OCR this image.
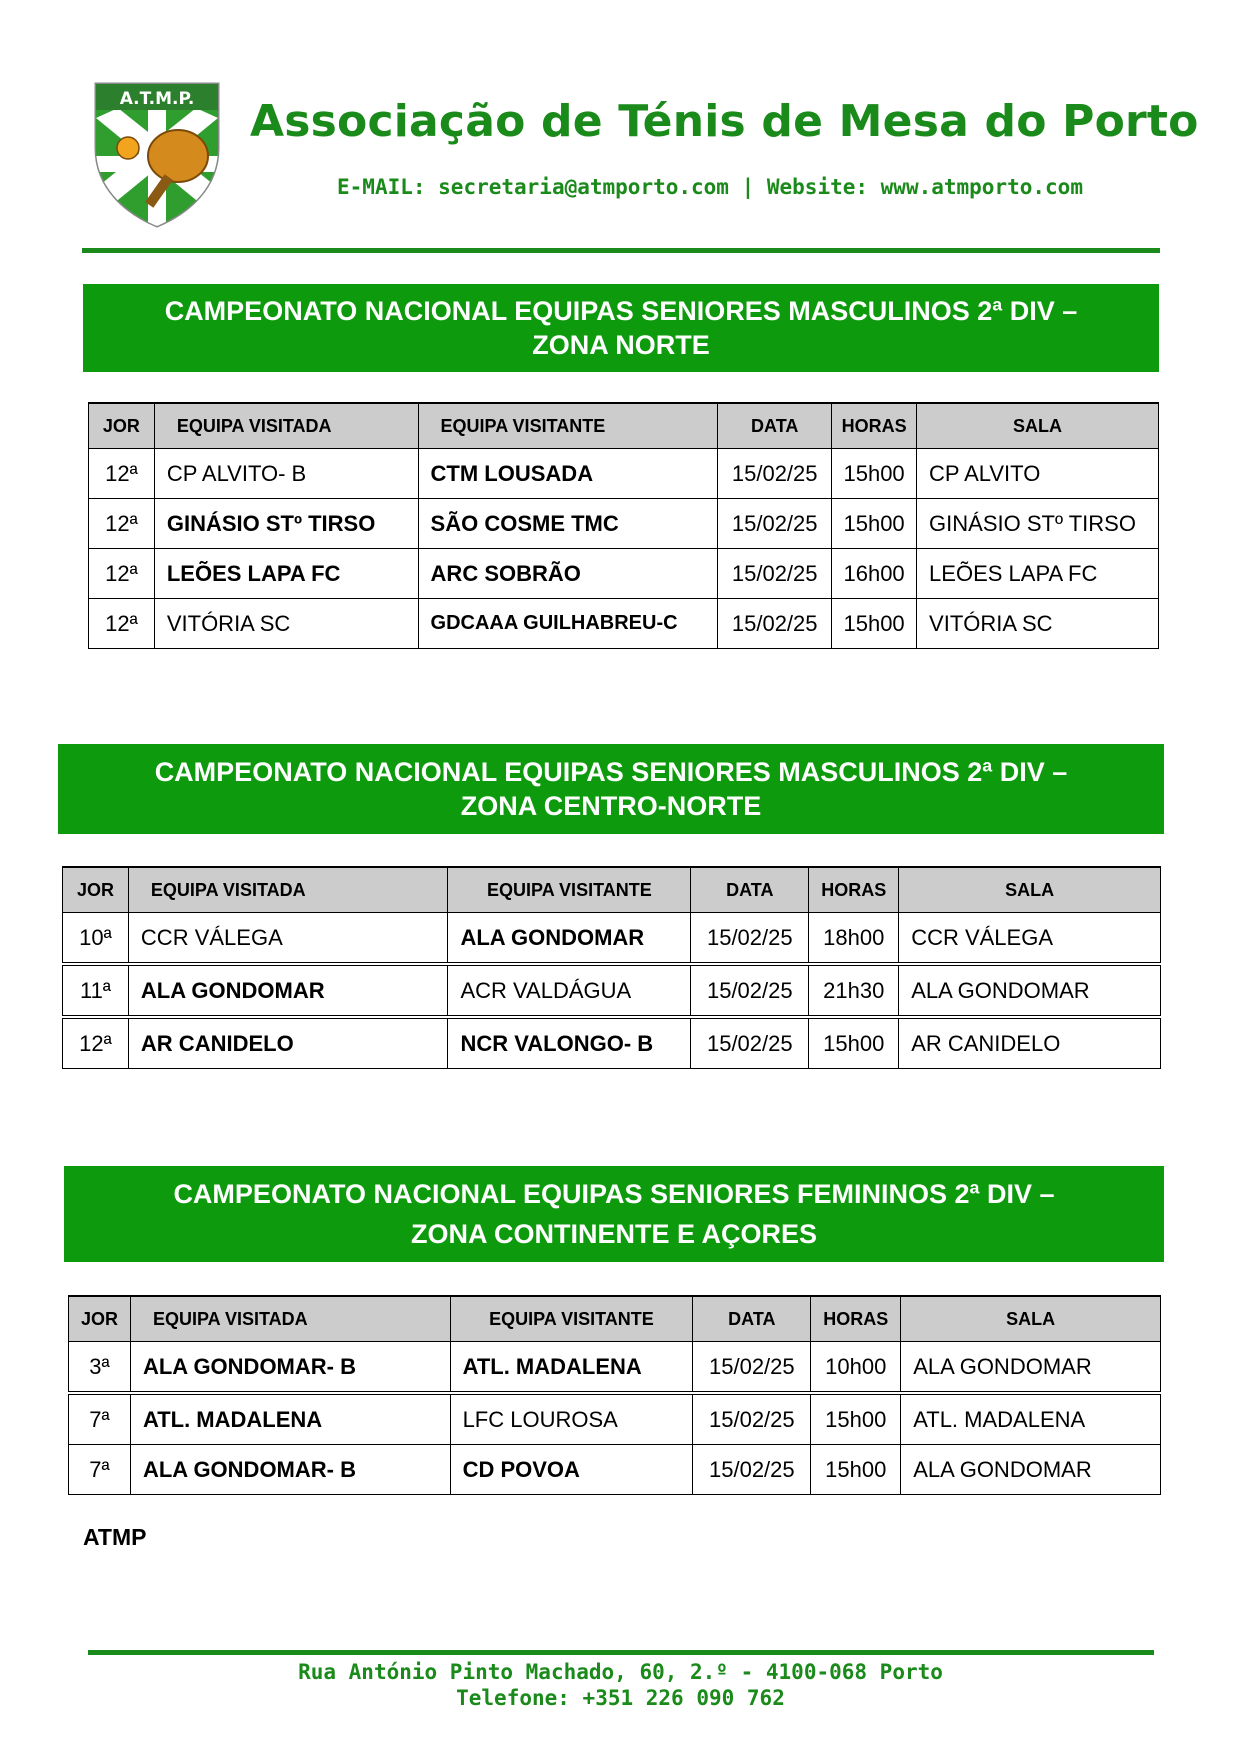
A.T.M.P. Associação de Ténis de Mesa do Porto
E-MAIL: secretaria@atmporto.com | Website: www.atmporto.com
CAMPEONATO NACIONAL EQUIPAS SENIORES MASCULINOS 2ª DIV –
ZONA NORTE
JOR	EQUIPA VISITADA	EQUIPA VISITANTE	DATA	HORAS	SALA
12ª	CP ALVITO- B	CTM LOUSADA	15/02/25	15h00	CP ALVITO
12ª	GINÁSIO STº TIRSO	SÃO COSME TMC	15/02/25	15h00	GINÁSIO STº TIRSO
12ª	LEÕES LAPA FC	ARC SOBRÃO	15/02/25	16h00	LEÕES LAPA FC
12ª	VITÓRIA SC	GDCAAA GUILHABREU-C	15/02/25	15h00	VITÓRIA SC
CAMPEONATO NACIONAL EQUIPAS SENIORES MASCULINOS 2ª DIV –
ZONA CENTRO-NORTE
JOR	EQUIPA VISITADA	EQUIPA VISITANTE	DATA	HORAS	SALA
10ª	CCR VÁLEGA	ALA GONDOMAR	15/02/25	18h00	CCR VÁLEGA
11ª	ALA GONDOMAR	ACR VALDÁGUA	15/02/25	21h30	ALA GONDOMAR
12ª	AR CANIDELO	NCR VALONGO- B	15/02/25	15h00	AR CANIDELO
CAMPEONATO NACIONAL EQUIPAS SENIORES FEMININOS 2ª DIV –
ZONA CONTINENTE E AÇORES
JOR	EQUIPA VISITADA	EQUIPA VISITANTE	DATA	HORAS	SALA
3ª	ALA GONDOMAR- B	ATL. MADALENA	15/02/25	10h00	ALA GONDOMAR
7ª	ATL. MADALENA	LFC LOUROSA	15/02/25	15h00	ATL. MADALENA
7ª	ALA GONDOMAR- B	CD POVOA	15/02/25	15h00	ALA GONDOMAR
ATMP
Rua António Pinto Machado, 60, 2.º - 4100-068 Porto
Telefone: +351 226 090 762
